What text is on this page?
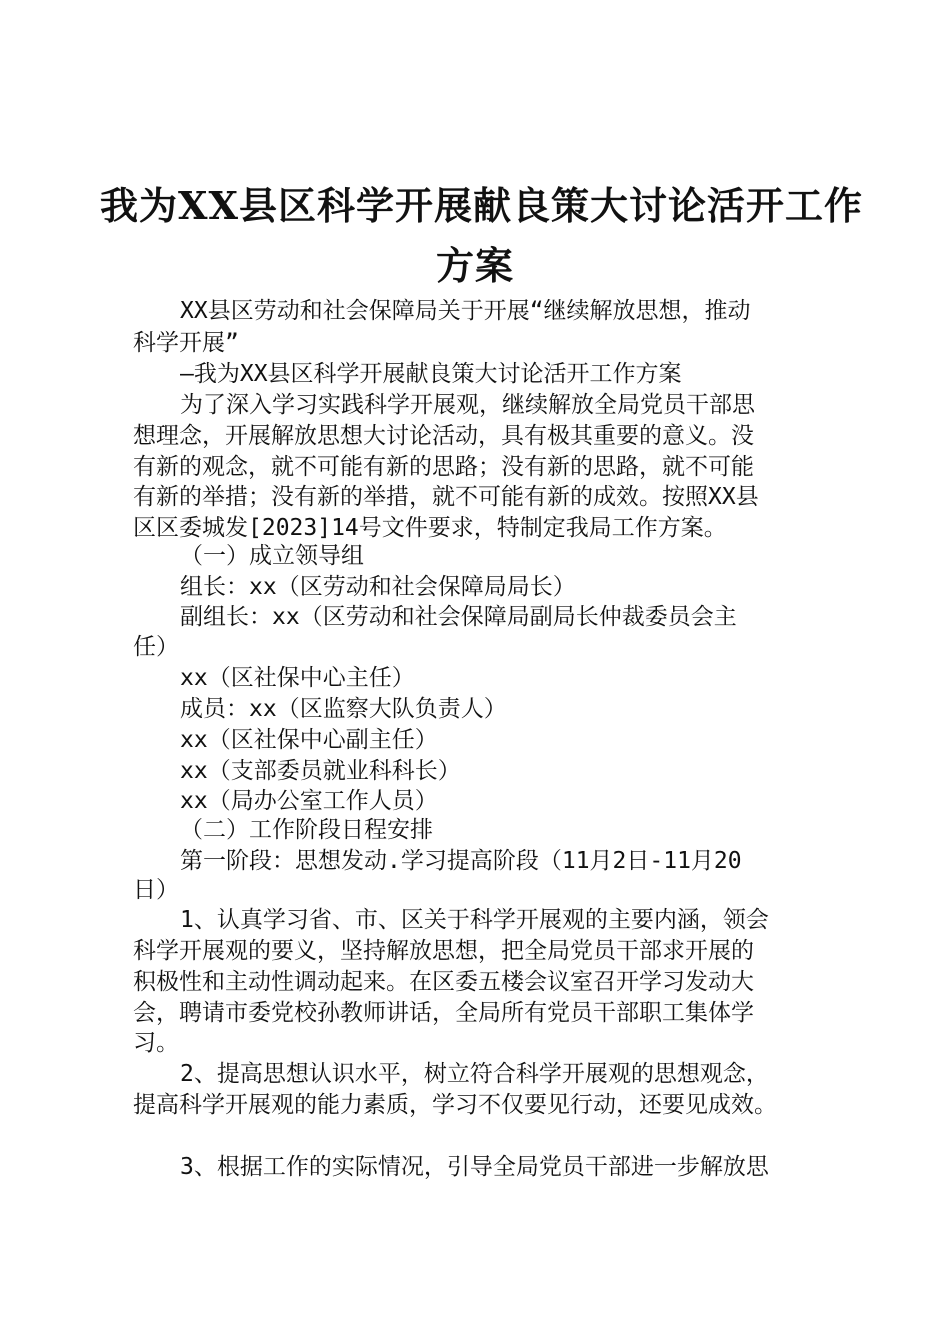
我为XX县区科学开展献良策大讨论活开工作
方案

XX县区劳动和社会保障局关于开展“继续解放思想，推动

科学开展”

—我为XX县区科学开展献良策大讨论活开工作方案

为了深入学习实践科学开展观，继续解放全局党员干部思

想理念，开展解放思想大讨论活动，具有极其重要的意义。没

有新的观念，就不可能有新的思路；没有新的思路，就不可能

有新的举措；没有新的举措，就不可能有新的成效。按照XX县

区区委城发[2023]14号文件要求，特制定我局工作方案。

（一）成立领导组

组长：xx（区劳动和社会保障局局长）

副组长：xx（区劳动和社会保障局副局长仲裁委员会主

任）

xx（区社保中心主任）

成员：xx（区监察大队负责人）

xx（区社保中心副主任）

xx（支部委员就业科科长）

xx（局办公室工作人员）

（二）工作阶段日程安排

第一阶段：思想发动.学习提高阶段（11月2日-11月20

日）

1、认真学习省、市、区关于科学开展观的主要内涵，领会

科学开展观的要义，坚持解放思想，把全局党员干部求开展的

积极性和主动性调动起来。在区委五楼会议室召开学习发动大

会，聘请市委党校孙教师讲话，全局所有党员干部职工集体学

习。

2、提高思想认识水平，树立符合科学开展观的思想观念，

提高科学开展观的能力素质，学习不仅要见行动，还要见成效。

3、根据工作的实际情况，引导全局党员干部进一步解放思
